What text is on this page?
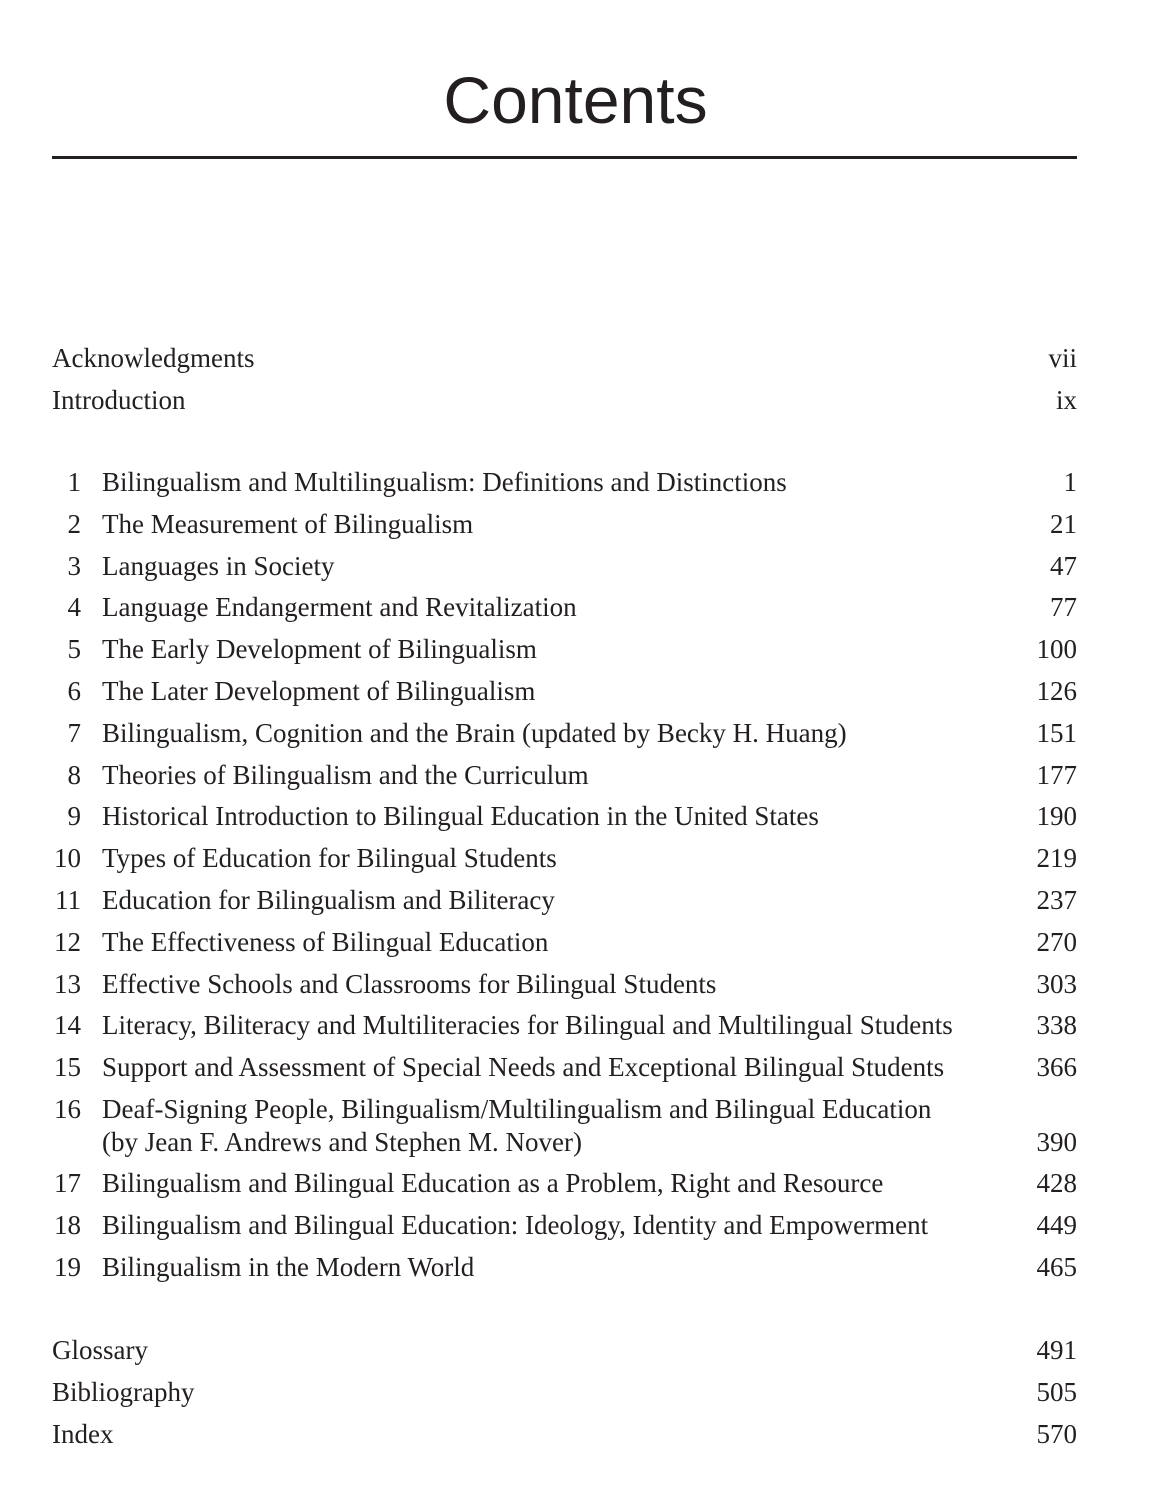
Contents
Acknowledgments	vii
Introduction	ix
1 Bilingualism and Multilingualism: Definitions and Distinctions	1
2 The Measurement of Bilingualism	21
3 Languages in Society	47
4 Language Endangerment and Revitalization	77
5 The Early Development of Bilingualism	100
6 The Later Development of Bilingualism	126
7 Bilingualism, Cognition and the Brain (updated by Becky H. Huang)	151
8 Theories of Bilingualism and the Curriculum	177
9 Historical Introduction to Bilingual Education in the United States	190
10 Types of Education for Bilingual Students	219
11 Education for Bilingualism and Biliteracy	237
12 The Effectiveness of Bilingual Education	270
13 Effective Schools and Classrooms for Bilingual Students	303
14 Literacy, Biliteracy and Multiliteracies for Bilingual and Multilingual Students	338
15 Support and Assessment of Special Needs and Exceptional Bilingual Students	366
16 Deaf-Signing People, Bilingualism/Multilingualism and Bilingual Education
(by Jean F. Andrews and Stephen M. Nover)	390
17 Bilingualism and Bilingual Education as a Problem, Right and Resource	428
18 Bilingualism and Bilingual Education: Ideology, Identity and Empowerment	449
19 Bilingualism in the Modern World	465
Glossary	491
Bibliography	505
Index	570
